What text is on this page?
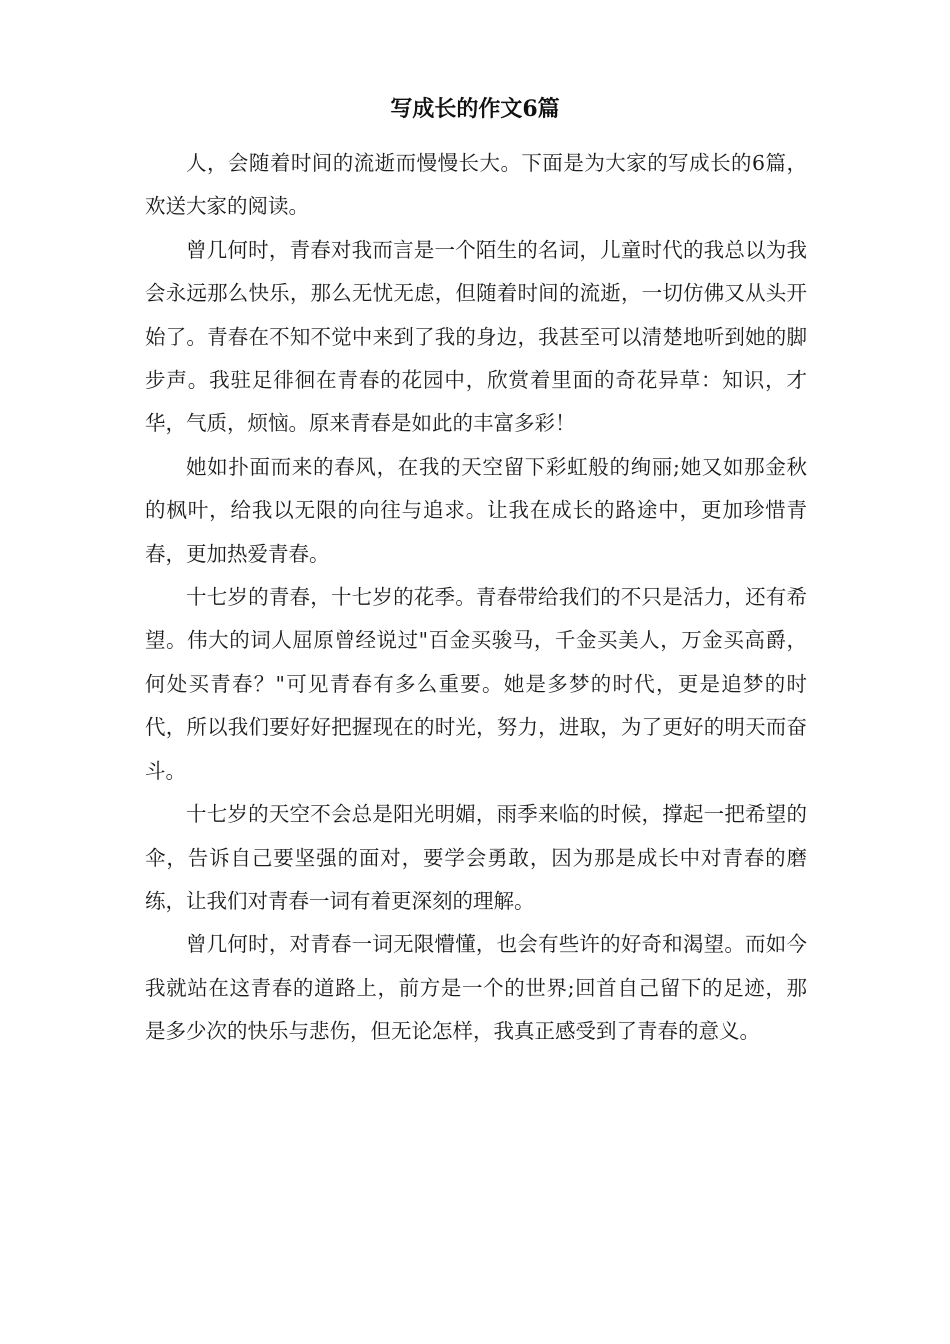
写成长的作文6篇

人，会随着时间的流逝而慢慢长大。下面是为大家的写成长的6篇，欢送大家的阅读。

曾几何时，青春对我而言是一个陌生的名词，儿童时代的我总以为我会永远那么快乐，那么无忧无虑，但随着时间的流逝，一切仿佛又从头开始了。青春在不知不觉中来到了我的身边，我甚至可以清楚地听到她的脚步声。我驻足徘徊在青春的花园中，欣赏着里面的奇花异草：知识，才华，气质，烦恼。原来青春是如此的丰富多彩！

她如扑面而来的春风，在我的天空留下彩虹般的绚丽;她又如那金秋的枫叶，给我以无限的向往与追求。让我在成长的路途中，更加珍惜青春，更加热爱青春。

十七岁的青春，十七岁的花季。青春带给我们的不只是活力，还有希望。伟大的词人屈原曾经说过"百金买骏马，千金买美人，万金买高爵，何处买青春？"可见青春有多么重要。她是多梦的时代，更是追梦的时代，所以我们要好好把握现在的时光，努力，进取，为了更好的明天而奋斗。

十七岁的天空不会总是阳光明媚，雨季来临的时候，撑起一把希望的伞，告诉自己要坚强的面对，要学会勇敢，因为那是成长中对青春的磨练，让我们对青春一词有着更深刻的理解。

曾几何时，对青春一词无限懵懂，也会有些许的好奇和渴望。而如今我就站在这青春的道路上，前方是一个的世界;回首自己留下的足迹，那是多少次的快乐与悲伤，但无论怎样，我真正感受到了青春的意义。
